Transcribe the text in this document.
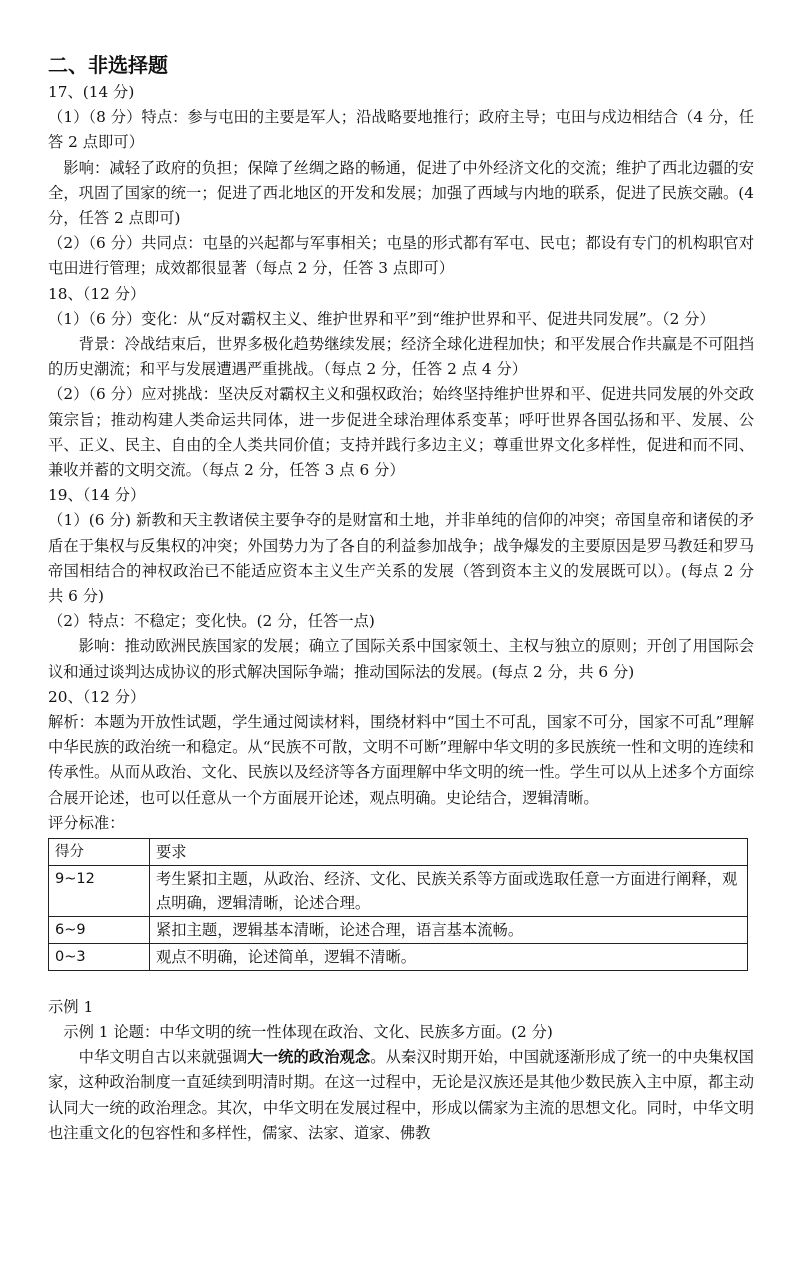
二、非选择题
17、(14 分)

（1）（8 分）特点：参与屯田的主要是军人；沿战略要地推行；政府主导；屯田与戍边相结合（4 分，任答 2 点即可）

影响：减轻了政府的负担；保障了丝绸之路的畅通，促进了中外经济文化的交流；维护了西北边疆的安全，巩固了国家的统一；促进了西北地区的开发和发展；加强了西域与内地的联系，促进了民族交融。(4 分，任答 2 点即可)

（2）（6 分）共同点：屯垦的兴起都与军事相关；屯垦的形式都有军屯、民屯；都设有专门的机构职官对屯田进行管理；成效都很显著（每点 2 分，任答 3 点即可）

18、（12 分）

（1）（6 分）变化：从“反对霸权主义、维护世界和平”到“维护世界和平、促进共同发展”。（2 分）

背景：冷战结束后，世界多极化趋势继续发展；经济全球化进程加快；和平发展合作共赢是不可阻挡的历史潮流；和平与发展遭遇严重挑战。（每点 2 分，任答 2 点 4 分）

（2）（6 分）应对挑战：坚决反对霸权主义和强权政治；始终坚持维护世界和平、促进共同发展的外交政策宗旨；推动构建人类命运共同体，进一步促进全球治理体系变革；呼吁世界各国弘扬和平、发展、公平、正义、民主、自由的全人类共同价值；支持并践行多边主义；尊重世界文化多样性，促进和而不同、兼收并蓄的文明交流。（每点 2 分，任答 3 点 6 分）

19、（14 分）

（1）(6 分) 新教和天主教诸侯主要争夺的是财富和土地，并非单纯的信仰的冲突；帝国皇帝和诸侯的矛盾在于集权与反集权的冲突；外国势力为了各自的利益参加战争；战争爆发的主要原因是罗马教廷和罗马帝国相结合的神权政治已不能适应资本主义生产关系的发展（答到资本主义的发展既可以）。(每点 2 分共 6 分)

（2）特点：不稳定；变化快。(2 分，任答一点)

影响：推动欧洲民族国家的发展；确立了国际关系中国家领土、主权与独立的原则；开创了用国际会议和通过谈判达成协议的形式解决国际争端；推动国际法的发展。(每点 2 分，共 6 分)

20、（12 分）

解析：本题为开放性试题，学生通过阅读材料，围绕材料中“国土不可乱，国家不可分，国家不可乱”理解中华民族的政治统一和稳定。从“民族不可散，文明不可断”理解中华文明的多民族统一性和文明的连续和传承性。从而从政治、文化、民族以及经济等各方面理解中华文明的统一性。学生可以从上述多个方面综合展开论述，也可以任意从一个方面展开论述，观点明确。史论结合，逻辑清晰。

评分标准：
得分	要求
9~12	考生紧扣主题，从政治、经济、文化、民族关系等方面或选取任意一方面进行阐释，观点明确，逻辑清晰，论述合理。
6~9	紧扣主题，逻辑基本清晰，论述合理，语言基本流畅。
0~3	观点不明确，论述简单，逻辑不清晰。
示例 1

示例 1 论题：中华文明的统一性体现在政治、文化、民族多方面。(2 分)

中华文明自古以来就强调大一统的政治观念。从秦汉时期开始，中国就逐渐形成了统一的中央集权国家，这种政治制度一直延续到明清时期。在这一过程中，无论是汉族还是其他少数民族入主中原，都主动认同大一统的政治理念。其次，中华文明在发展过程中，形成以儒家为主流的思想文化。同时，中华文明也注重文化的包容性和多样性，儒家、法家、道家、佛教
